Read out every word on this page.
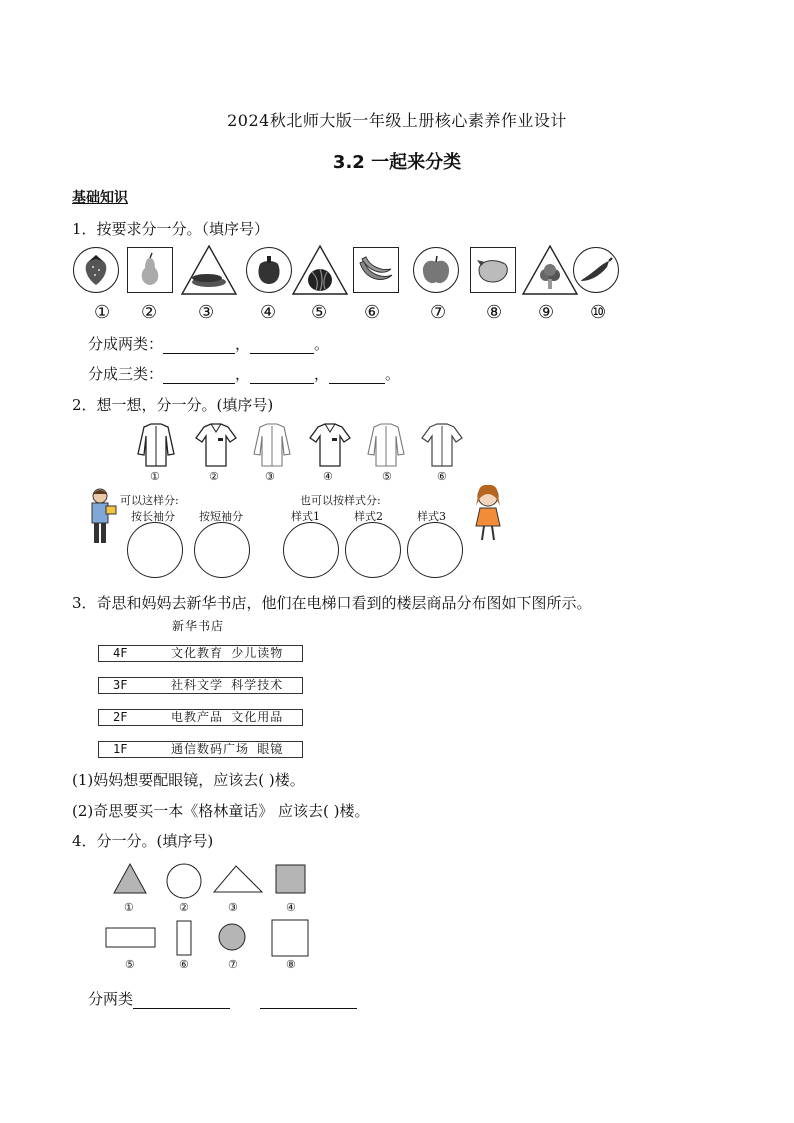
2024秋北师大版一年级上册核心素养作业设计
3.2 一起来分类
基础知识
1．按要求分一分。（填序号）
① ② ③	④ ⑤ ⑥	⑦ ⑧ ⑨ ⑩
分成两类：	，	。
分成三类：	，	，	。
2．想一想，分一分。(填序号)
①	②	③	④	⑤	⑥
可以这样分:	也可以按样式分:
按长袖分 按短袖分	样式1	样式2	样式3
3．奇思和妈妈去新华书店，他们在电梯口看到的楼层商品分布图如下图所示。
新华书店
4F	文化教育 少儿读物
3F	社科文学 科学技术
2F	电教产品 文化用品
1F	通信数码广场 眼镜
(1)妈妈想要配眼镜，应该去( )楼。
(2)奇思要买一本《格林童话》 应该去( )楼。
4．分一分。(填序号)
①	②	③	④
⑤	⑥	⑦	⑧
分两类
